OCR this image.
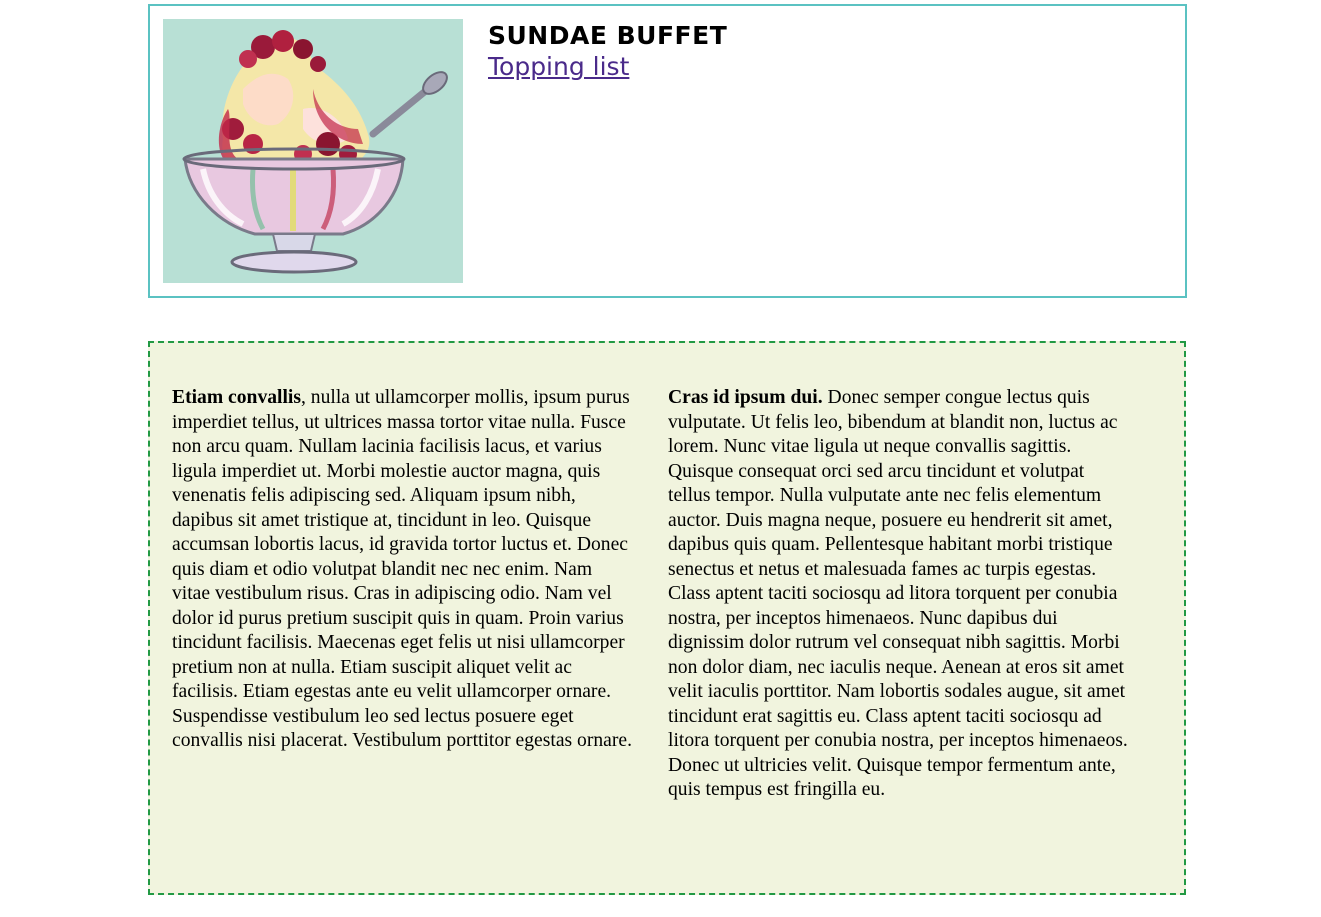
SUNDAE BUFFET
Topping list

Etiam convallis, nulla ut ullamcorper mollis, ipsum purus imperdiet tellus, ut ultrices massa tortor vitae nulla. Fusce non arcu quam. Nullam lacinia facilisis lacus, et varius ligula imperdiet ut. Morbi molestie auctor magna, quis venenatis felis adipiscing sed. Aliquam ipsum nibh, dapibus sit amet tristique at, tincidunt in leo. Quisque accumsan lobortis lacus, id gravida tortor luctus et. Donec quis diam et odio volutpat blandit nec nec enim. Nam vitae vestibulum risus. Cras in adipiscing odio. Nam vel dolor id purus pretium suscipit quis in quam. Proin varius tincidunt facilisis. Maecenas eget felis ut nisi ullamcorper pretium non at nulla. Etiam suscipit aliquet velit ac facilisis. Etiam egestas ante eu velit ullamcorper ornare. Suspendisse vestibulum leo sed lectus posuere eget convallis nisi placerat. Vestibulum porttitor egestas ornare.

Cras id ipsum dui. Donec semper congue lectus quis vulputate. Ut felis leo, bibendum at blandit non, luctus ac lorem. Nunc vitae ligula ut neque convallis sagittis. Quisque consequat orci sed arcu tincidunt et volutpat tellus tempor. Nulla vulputate ante nec felis elementum auctor. Duis magna neque, posuere eu hendrerit sit amet, dapibus quis quam. Pellentesque habitant morbi tristique senectus et netus et malesuada fames ac turpis egestas. Class aptent taciti sociosqu ad litora torquent per conubia nostra, per inceptos himenaeos. Nunc dapibus dui dignissim dolor rutrum vel consequat nibh sagittis. Morbi non dolor diam, nec iaculis neque. Aenean at eros sit amet velit iaculis porttitor. Nam lobortis sodales augue, sit amet tincidunt erat sagittis eu. Class aptent taciti sociosqu ad litora torquent per conubia nostra, per inceptos himenaeos. Donec ut ultricies velit. Quisque tempor fermentum ante, quis tempus est fringilla eu.
